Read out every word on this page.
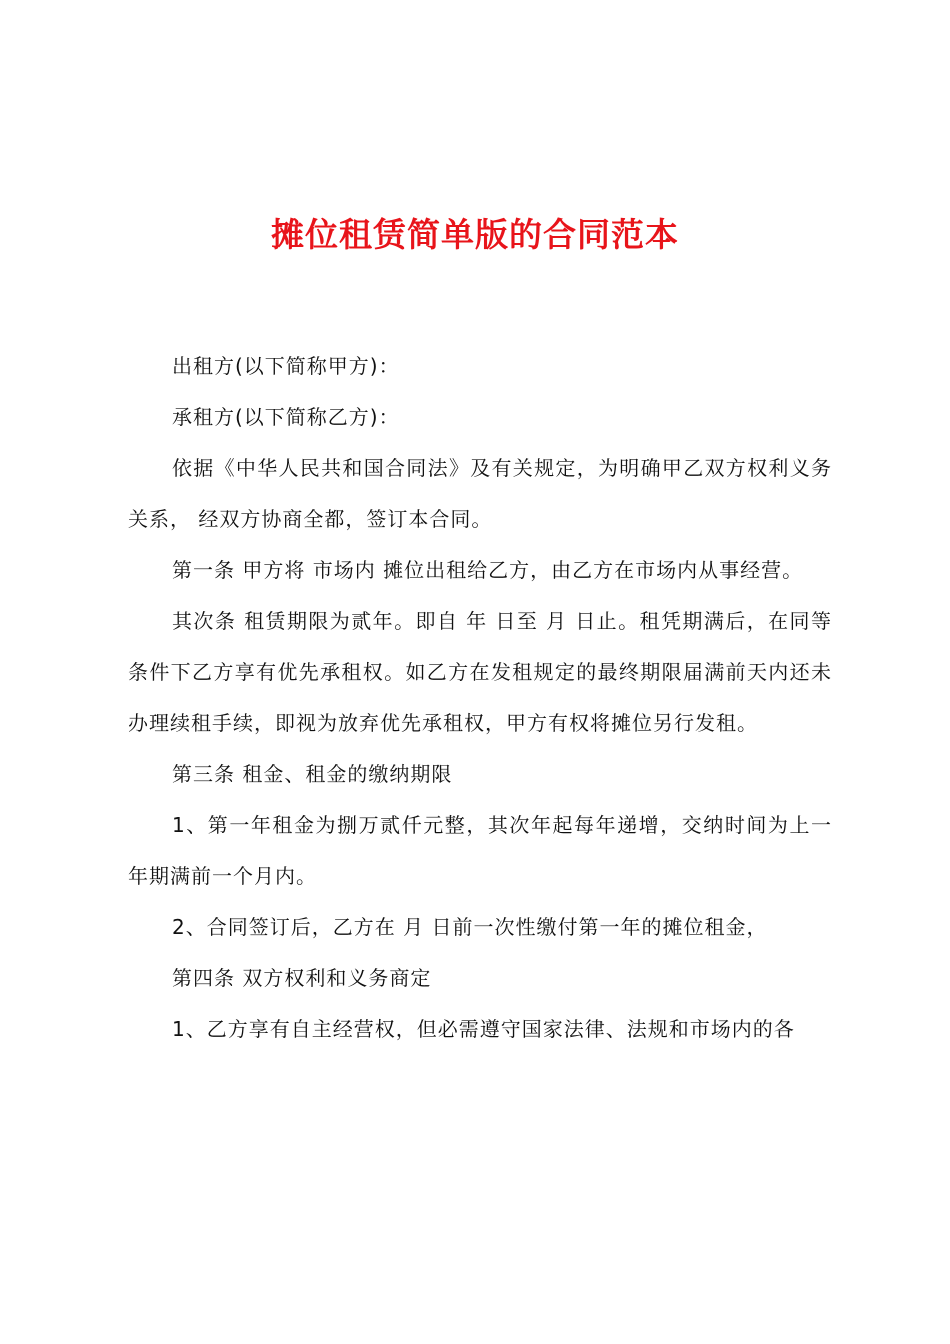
摊位租赁简单版的合同范本

出租方(以下简称甲方)：

承租方(以下简称乙方)：

依据《中华人民共和国合同法》及有关规定，为明确甲乙双方权利义务关系， 经双方协商全都，签订本合同。

第一条 甲方将 市场内 摊位出租给乙方，由乙方在市场内从事经营。

其次条 租赁期限为贰年。即自 年 日至 月 日止。租凭期满后，在同等条件下乙方享有优先承租权。如乙方在发租规定的最终期限届满前天内还未办理续租手续，即视为放弃优先承租权，甲方有权将摊位另行发租。

第三条 租金、租金的缴纳期限

1、第一年租金为捌万贰仟元整，其次年起每年递增，交纳时间为上一年期满前一个月内。

2、合同签订后，乙方在 月 日前一次性缴付第一年的摊位租金，

第四条 双方权利和义务商定

1、乙方享有自主经营权，但必需遵守国家法律、法规和市场内的各
